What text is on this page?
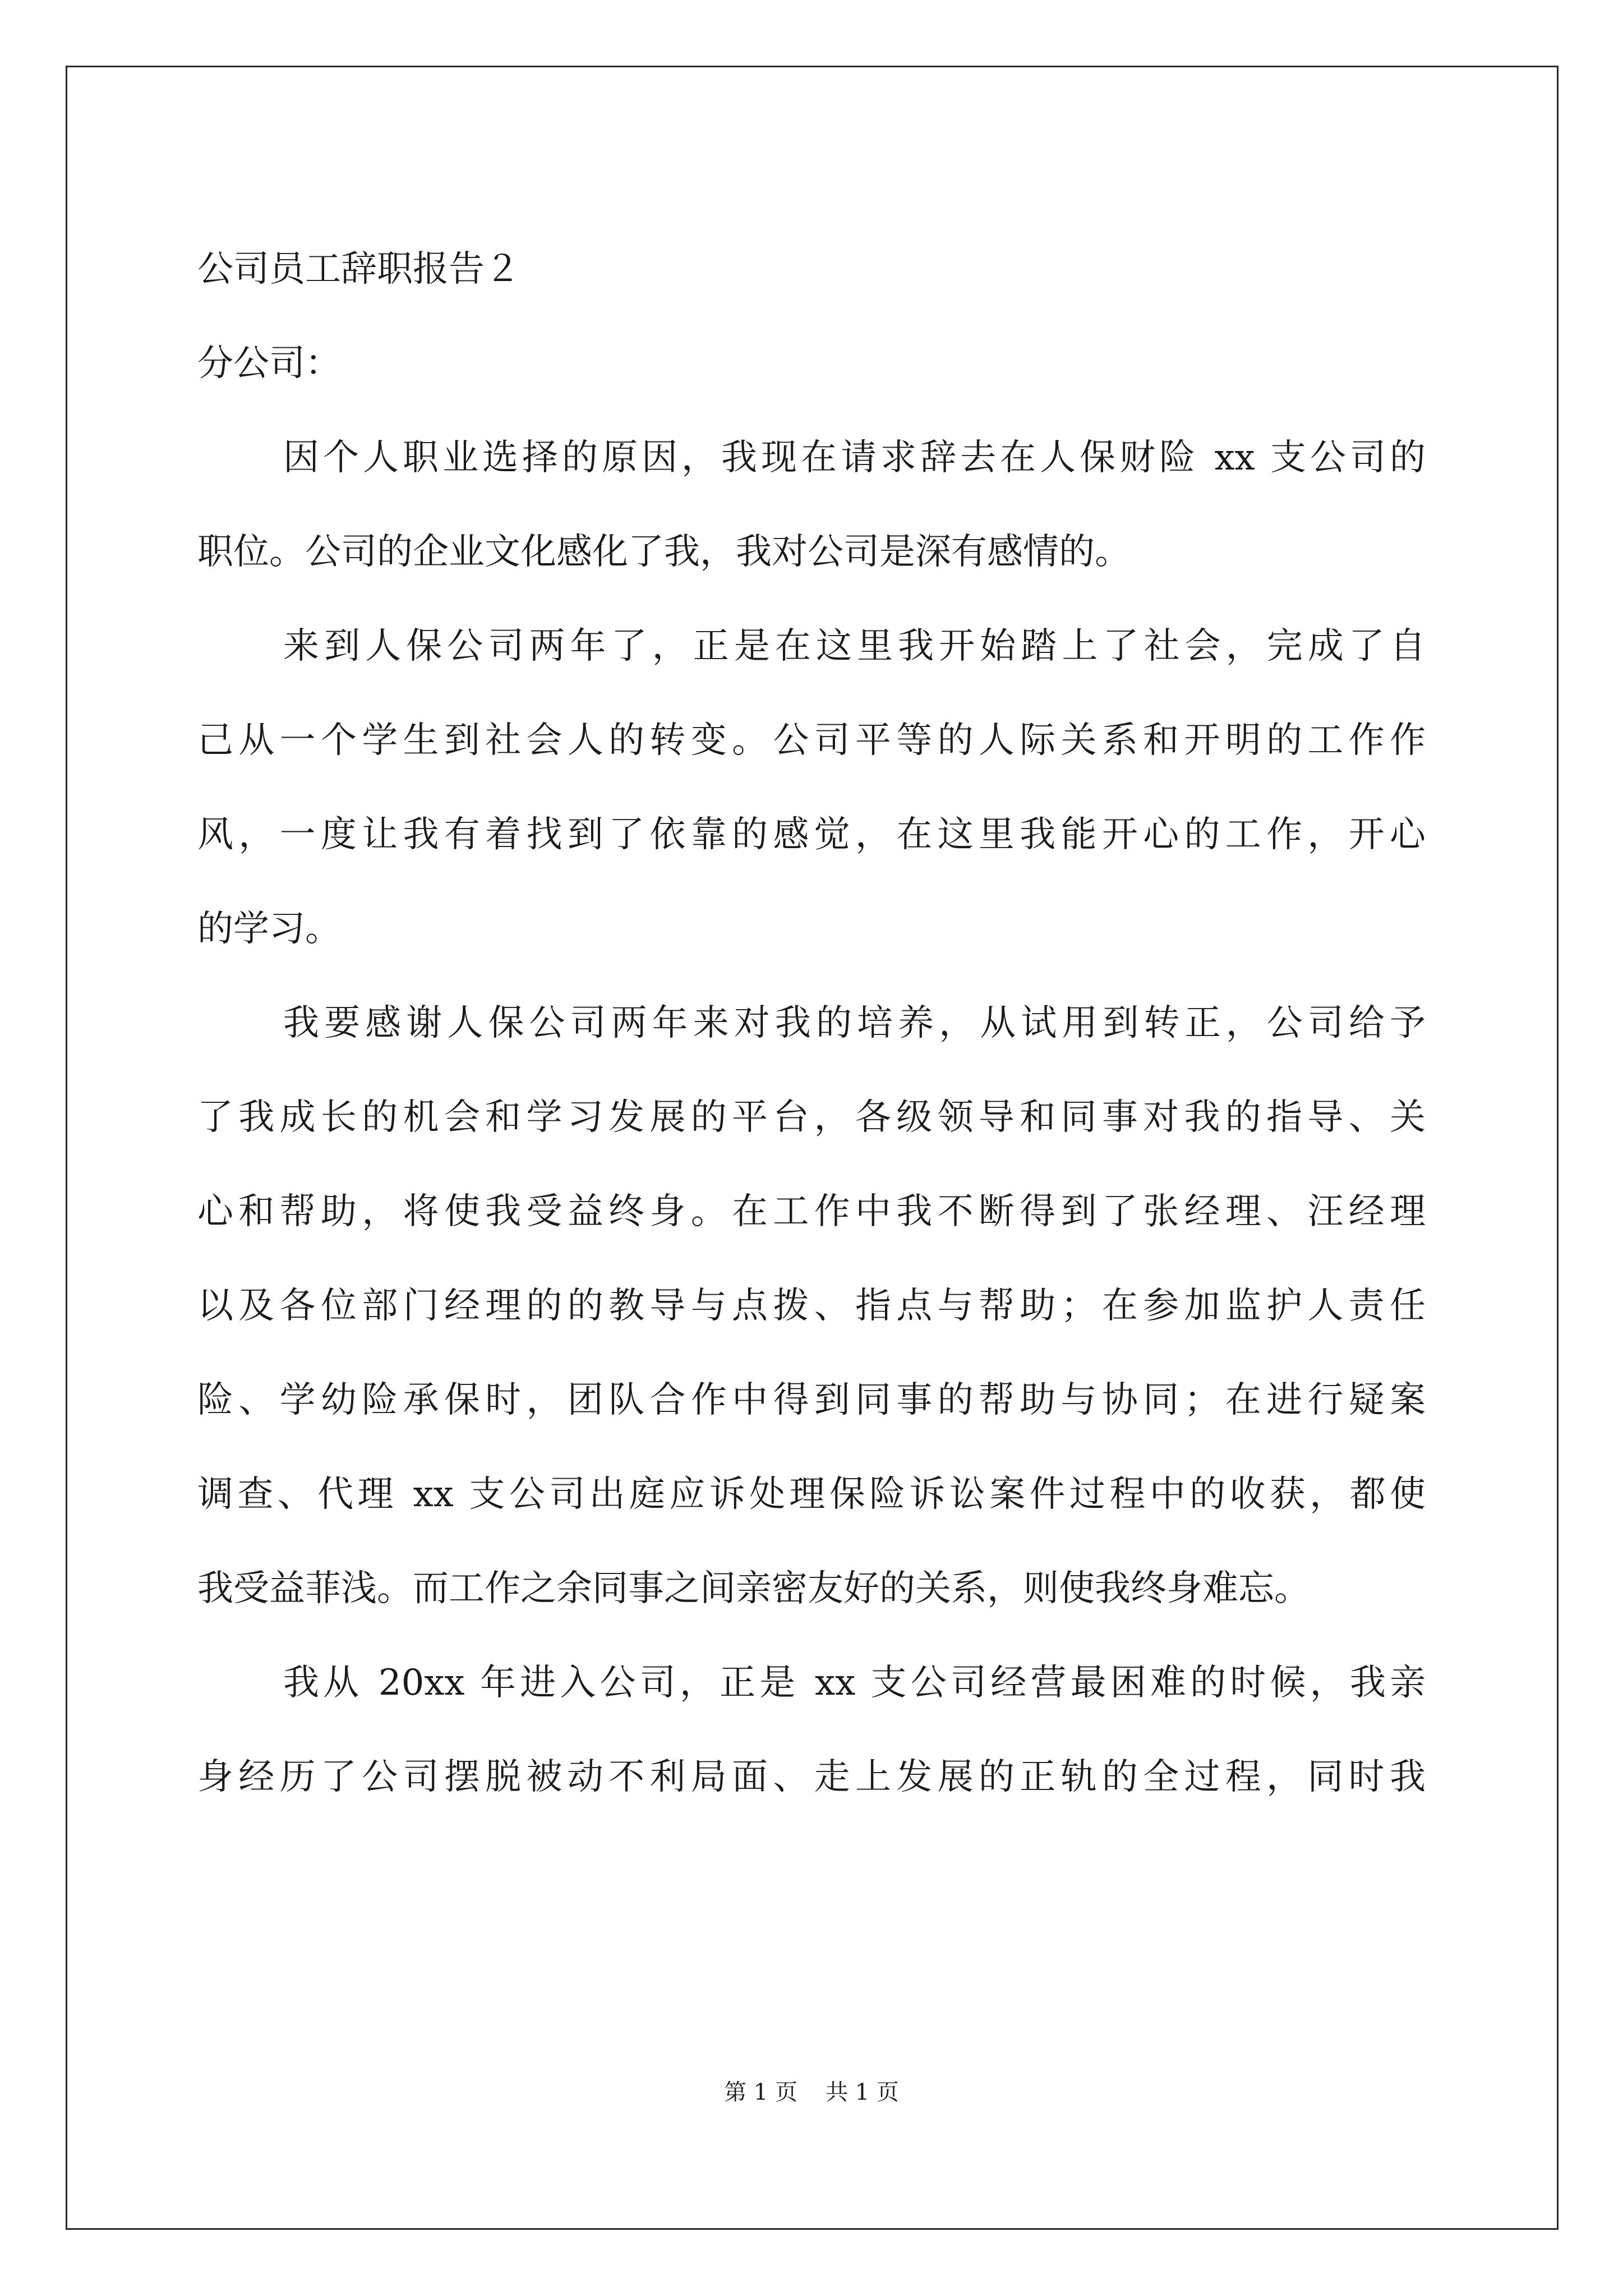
公司员工辞职报告２
分公司：
因个人职业选择的原因，我现在请求辞去在人保财险 xx 支公司的
职位。公司的企业文化感化了我，我对公司是深有感情的。
来到人保公司两年了，正是在这里我开始踏上了社会，完成了自
己从一个学生到社会人的转变。公司平等的人际关系和开明的工作作
风，一度让我有着找到了依靠的感觉，在这里我能开心的工作，开心
的学习。
我要感谢人保公司两年来对我的培养，从试用到转正，公司给予
了我成长的机会和学习发展的平台，各级领导和同事对我的指导、关
心和帮助，将使我受益终身。在工作中我不断得到了张经理、汪经理
以及各位部门经理的的教导与点拨、指点与帮助；在参加监护人责任
险、学幼险承保时，团队合作中得到同事的帮助与协同；在进行疑案
调查、代理 xx 支公司出庭应诉处理保险诉讼案件过程中的收获，都使
我受益菲浅。而工作之余同事之间亲密友好的关系，则使我终身难忘。
我从 20xx 年进入公司，正是 xx 支公司经营最困难的时候，我亲
身经历了公司摆脱被动不利局面、走上发展的正轨的全过程，同时我
第 1 页 共 1 页
